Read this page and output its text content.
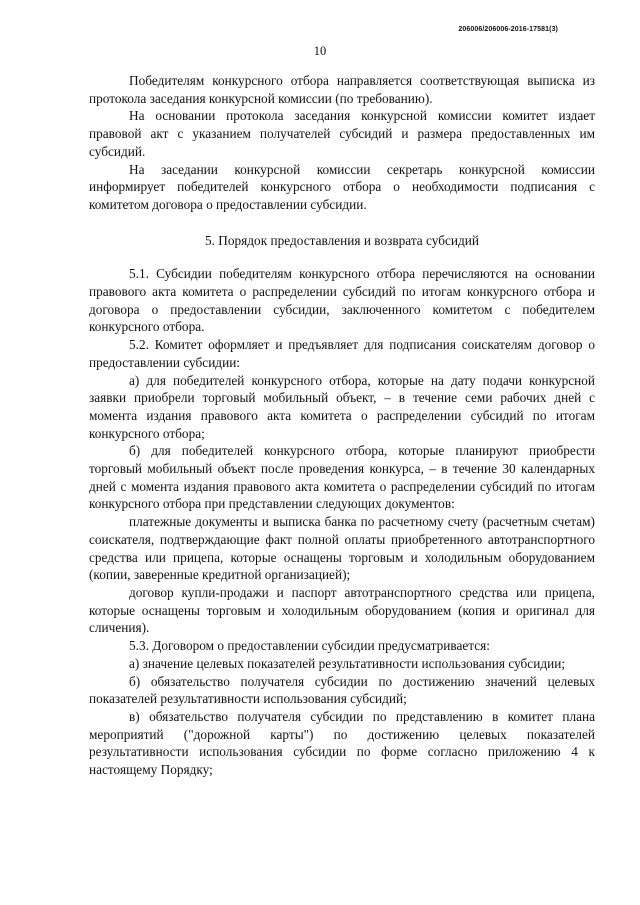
206006/206006-2016-17581(3)
10

Победителям конкурсного отбора направляется соответствующая выписка из протокола заседания конкурсной комиссии (по требованию).

На основании протокола заседания конкурсной комиссии комитет издает правовой акт с указанием получателей субсидий и размера предоставленных им субсидий.

На заседании конкурсной комиссии секретарь конкурсной комиссии информирует победителей конкурсного отбора о необходимости подписания с комитетом договора о предоставлении субсидии.

5. Порядок предоставления и возврата субсидий

5.1. Субсидии победителям конкурсного отбора перечисляются на основании правового акта комитета о распределении субсидий по итогам конкурсного отбора и договора о предоставлении субсидии, заключенного комитетом с победителем конкурсного отбора.

5.2. Комитет оформляет и предъявляет для подписания соискателям договор о предоставлении субсидии:

а) для победителей конкурсного отбора, которые на дату подачи конкурсной заявки приобрели торговый мобильный объект, – в течение семи рабочих дней с момента издания правового акта комитета о распределении субсидий по итогам конкурсного отбора;

б) для победителей конкурсного отбора, которые планируют приобрести торговый мобильный объект после проведения конкурса, – в течение 30 календарных дней с момента издания правового акта комитета о распределении субсидий по итогам конкурсного отбора при представлении следующих документов:

платежные документы и выписка банка по расчетному счету (расчетным счетам) соискателя, подтверждающие факт полной оплаты приобретенного автотранспортного средства или прицепа, которые оснащены торговым и холодильным оборудованием (копии, заверенные кредитной организацией);

договор купли-продажи и паспорт автотранспортного средства или прицепа, которые оснащены торговым и холодильным оборудованием (копия и оригинал для сличения).

5.3. Договором о предоставлении субсидии предусматривается:

а) значение целевых показателей результативности использования субсидии;

б) обязательство получателя субсидии по достижению значений целевых показателей результативности использования субсидий;

в) обязательство получателя субсидии по представлению в комитет плана мероприятий ("дорожной карты") по достижению целевых показателей результативности использования субсидии по форме согласно приложению 4 к настоящему Порядку;
